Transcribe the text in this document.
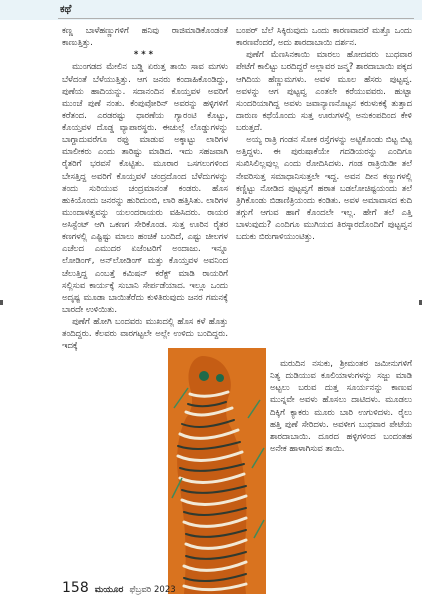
ಕಥೆ

ಕಣ್ಣ ಬಾಳೆಹಣ್ಣುಗಳಿಗೆ ಹನಿವು ರಾಜಿಮಾಡಿಕೊಂಡಂತೆ ಕಾಣುತ್ತಿತ್ತು.

***

ಮುಂಗಡದ ಮೇಲಿನ ಬಡ್ಡಿ ಏರುತ್ತ ತಾಯಿ ಸಾವ ಮಗಳು ಬೆಳೆದಂತೆ ಬೆಳೆಯುತ್ತಿತ್ತು. ಆಗ ಜನರು ಕಂದಾಹಿಕೊಂಡಿದ್ದು, ಪುಣೆಯ ಹಾದಿಯನ್ನು. ಸದಾನಂದಿನ ಕೊಯ್ತವಳ ಅವರಿಗೆ ಮುಂಚೆ ಪುಣೆ ನಂತು. ಕೆಂಪುವೋರಿನ್ ಅವರನ್ನು ಹಳ್ಳಿಗಳಿಗೆ ಕರೆತಂದ. ಎರಡರಷ್ಟು ಧಾರಣೆಯ ಗ್ಯಾರಂಟಿ ಕೊಟ್ಟು, ಕೊಯ್ತವಳ ದೊಡ್ಡ ವ್ಯಾಪಾರಸ್ಥರು. ಈಚುಲ್ಲೆ ಲೊಡ್ಡುಗಳನ್ನು ಬಾಗ್ದಾದುವರೆಗೂ ರಫ್ತು ಮಾಡುವ ಅಕ್ಕಾಟ್ಟು ಲಾರಿಗಳ ಮಾಲೀಕರು ಎಂದು ತಾರಿಷ್ಟು ಮಾಡಿದ. ಇದು ಸಹಜವಾಗಿ ರೈತರಿಗೆ ಭರವಸೆ ಕೊಟ್ಟಿತು. ಮೂರಾರ ಒಸಗಲುಗಳಿಂದ ಬೇಸತ್ತಿದ್ದ ಅವರಿಗೆ ಕೊಯ್ತವಳೆ ಚಂದ್ರದೊಂದ ಬೆಳೆದುಗಳನ್ನು ತಂದು ಸುರಿಯುವ ಚಂದ್ರಮಾನಂತೆ ಕಂಡರು. ಹೊಸ ಹುಕಿಯೊಂದು ಜನರನ್ನು ಹುರಿದುಂಬಿ, ಲಾರಿ ಹತ್ತಿಸಿತು. ಲಾರಿಗಳ ಮುಂದಾಳತ್ವವನ್ನು ಯಲಂದರಾಯರು ವಹಿಸಿದರು. ರಾಯರ ಅಸಿಸ್ಟೆಂಟ್ ಆಗಿ ಒಕಣಗ ಸೇರಿಕೊಂಡ. ಸುತ್ತ ಊರಿನ ರೈತರ ಕಣಗಳಲ್ಲಿ ಎಷ್ಟಿಷ್ಟು ಮಾಲು ಹಂಚಿಕೆ ಬಂದಿದೆ, ಎಷ್ಟು ಚೀಲಗಳ ಎಚೆಲದ ಎಮುದರ ಏಜೆಂಟರಿಗೆ ಅಂದಾಜು. ಇನ್ನೂ ಲೋಡಿಂಗ್, ಅನ್‌ಲೋಡಿಂಗ್ ಮತ್ತು ಕೊಯ್ತವಳ ಅವನಿಂದ ಚೆಲುತ್ತಿದ್ದ ಎಂಬತ್ತೆ ಕಮಿಷನ್ ಕರೆಕ್ಟ್ ಮಾಡಿ ರಾಯರಿಗೆ ಸಲ್ಲಿಸುವ ಕಾರ್ಯಕ್ಕೆ ಸುಬಾನಿ ಸೇರ್ಪಡೆಯಾದ. ಇಲ್ಲೂ ಒಂದು ಅದೃಷ್ಟ ಮೂಡಾ ಬಾಯಿತೆರೆದು ಕುಳಿತಿರುವುದು ಜನರ ಗಮನಕ್ಕೆ ಬಾರದೇ ಉಳಿಯಿತು.

ಪುಣೆಗೆ ಹೋಗಿ ಬಂದವರು ಮುಖದಲ್ಲಿ ಹೊಸ ಕಳೆ ಹೊತ್ತು ತಂದಿದ್ದರು. ಕೆಲವರು ವಾರಗಟ್ಟಲೇ ಅಲ್ಲೇ ಉಳಿದು ಬಂದಿದ್ದರು. ಇದಕ್ಕೆ

ಬಂಪರ್ ಬೆಲೆ ಸಿಕ್ಕಿರುವುದು ಒಂದು ಕಾರಣವಾದರೆ ಮತ್ತೊ ಒಂದು ಕಾರಣವೆಂದರೆ, ಅದು ಶಾರದಾಬಾಯಿ ದರ್ಶನ.

ಪುಣೆಗೆ ಮೆಣಸಿನಕಾಯಿ ಮಾರಲು ಹೋದವರು ಬುಧವಾರ ಪೇಟೆಗೆ ಕಾಲಿಟ್ಟು ಬರದಿದ್ದರೆ ಅಲ್ಲಾವರ ಜನ್ಮ? ಶಾರದಾಬಾಯಿ ಪಕ್ಕದ ಆಗಿದಿಯ ಹೆಣ್ಣುಮಗಳು. ಅವಳ ಮೂಲ ಹೆಸರು ಪುಟ್ಟವ್ವ. ಅವಳನ್ನು ಆಗ ಪುಟ್ಟವ್ವ ಎಂತಲೇ ಕರೆಯುವವರು. ಹುಟ್ಟಾ ಸುಂದರಿಯಾಗಿದ್ದ ಅವಳು ಜವಾನ್ಯಾಣನೊಟ್ಟನ ಕರುಳುಕಕ್ಕೆ ತುತ್ತಾದ ದಾರುಣ ಕಥೆಯೊಂದು ಸುತ್ತ ಊರುಗಳಲ್ಲಿ ಅನುಕಂಪದಿಂದ ಕೇಳಿ ಬರುತ್ತದೆ.

ಅಯ್ಯ ರಾತ್ರಿ ಗಂಡನ ಸೋಕ ರಸ್ತೆಗಳನ್ನು ಅಟ್ಟಿಕೊಂಡು ಬಿಟ್ಟ ಬಿಟ್ಟ ಅತ್ತಿದ್ದಳು. ಈ ಪುರುಷಾಕೆಯೇ ಗದಡಿಯರನ್ನು ಎಂದಿಗೂ ಸುಖಿಸಿಲಿಲ್ಲವುಲ್ಲ ಎಂದು ರೋದಿಸಿದಳು. ಗಂಡ ರಾತ್ರಿಯಿಡೀ ತಲೆ ನೇವರಿಸುತ್ತ ಸಮಾಧಾನಿಸುತ್ತಲೇ ಇದ್ದ. ಅವನ ದೀನ ಕಣ್ಣುಗಳಲ್ಲಿ ಕಣ್ಣಿಟ್ಟು ನೋಡಿದ ಪುಟ್ಟವ್ವಗೆ ಹಠಾತ ಬಡಲೋಚಿಷ್ಟಯಂದು ತಲೆ ತ್ರಿಗಿಕೊಂಡು ಬಿಡಾಣಿತ್ರಿಯಂದು ಕಂಡಿತು. ಅವಳ ಅಮಾವಾಸದ ಕುದಿ ತಗ್ಗುಗೆ ಆಗುವ ಹಾಗೆ ಕೊಂದಲೇ ಇಲ್ಲ. ಹೇಗೆ ತಲೆ ಎತ್ತಿ ಬಾಳುವುದು? ಎಂದಿಗೂ ಮುಗಿಯದ ತಿರಸ್ಕಾರದೊಂದಿಗೆ ಪುಟ್ಟವ್ವನ ಬದುಕು ಬಿರುಗಾಳಿಯುಂಟಿತ್ತು.

ಮರುದಿನ ನಸುಕು, ಶ್ರೀಮಂತರ ಜಮೀನುಗಳಿಗೆ ನಿತ್ಯ ದುಡಿಯುವ ಕೂಲಿಯಾಳುಗಳನ್ನು ಸಜ್ಜು ಮಾಡಿ ಅಟ್ಟಲು ಬರುವ ದುತ್ತ ಸೂರ್ಯನನ್ನು ಕಾಣುವ ಮುನ್ನವೇ ಅವಳು ಹೊಸಲು ದಾಟಿದಳು. ಮೂಡಲು ದಿಕ್ಕಿಗೆ ಕ್ಯಾಕರು ಮೂರು ಬಾರಿ ಉಗುಳಿದಳು. ರೈಲು ಹತ್ತಿ ಪುಣೆ ಸೇರಿದಳು. ಅವಳೀಗ ಬುಧವಾರ ಪೇಟೆಯ ಶಾರದಾಬಾಯಿ. ದೂರದ ಹಳ್ಳಿಗಳಿಂದ ಬಂದಂತಹ ಅನೇಕ ಹಾಳಾಗಿಸುವ ತಾಯಿ.

158 ಮಯೂರ ಫೆಬ್ರವರಿ 2023
